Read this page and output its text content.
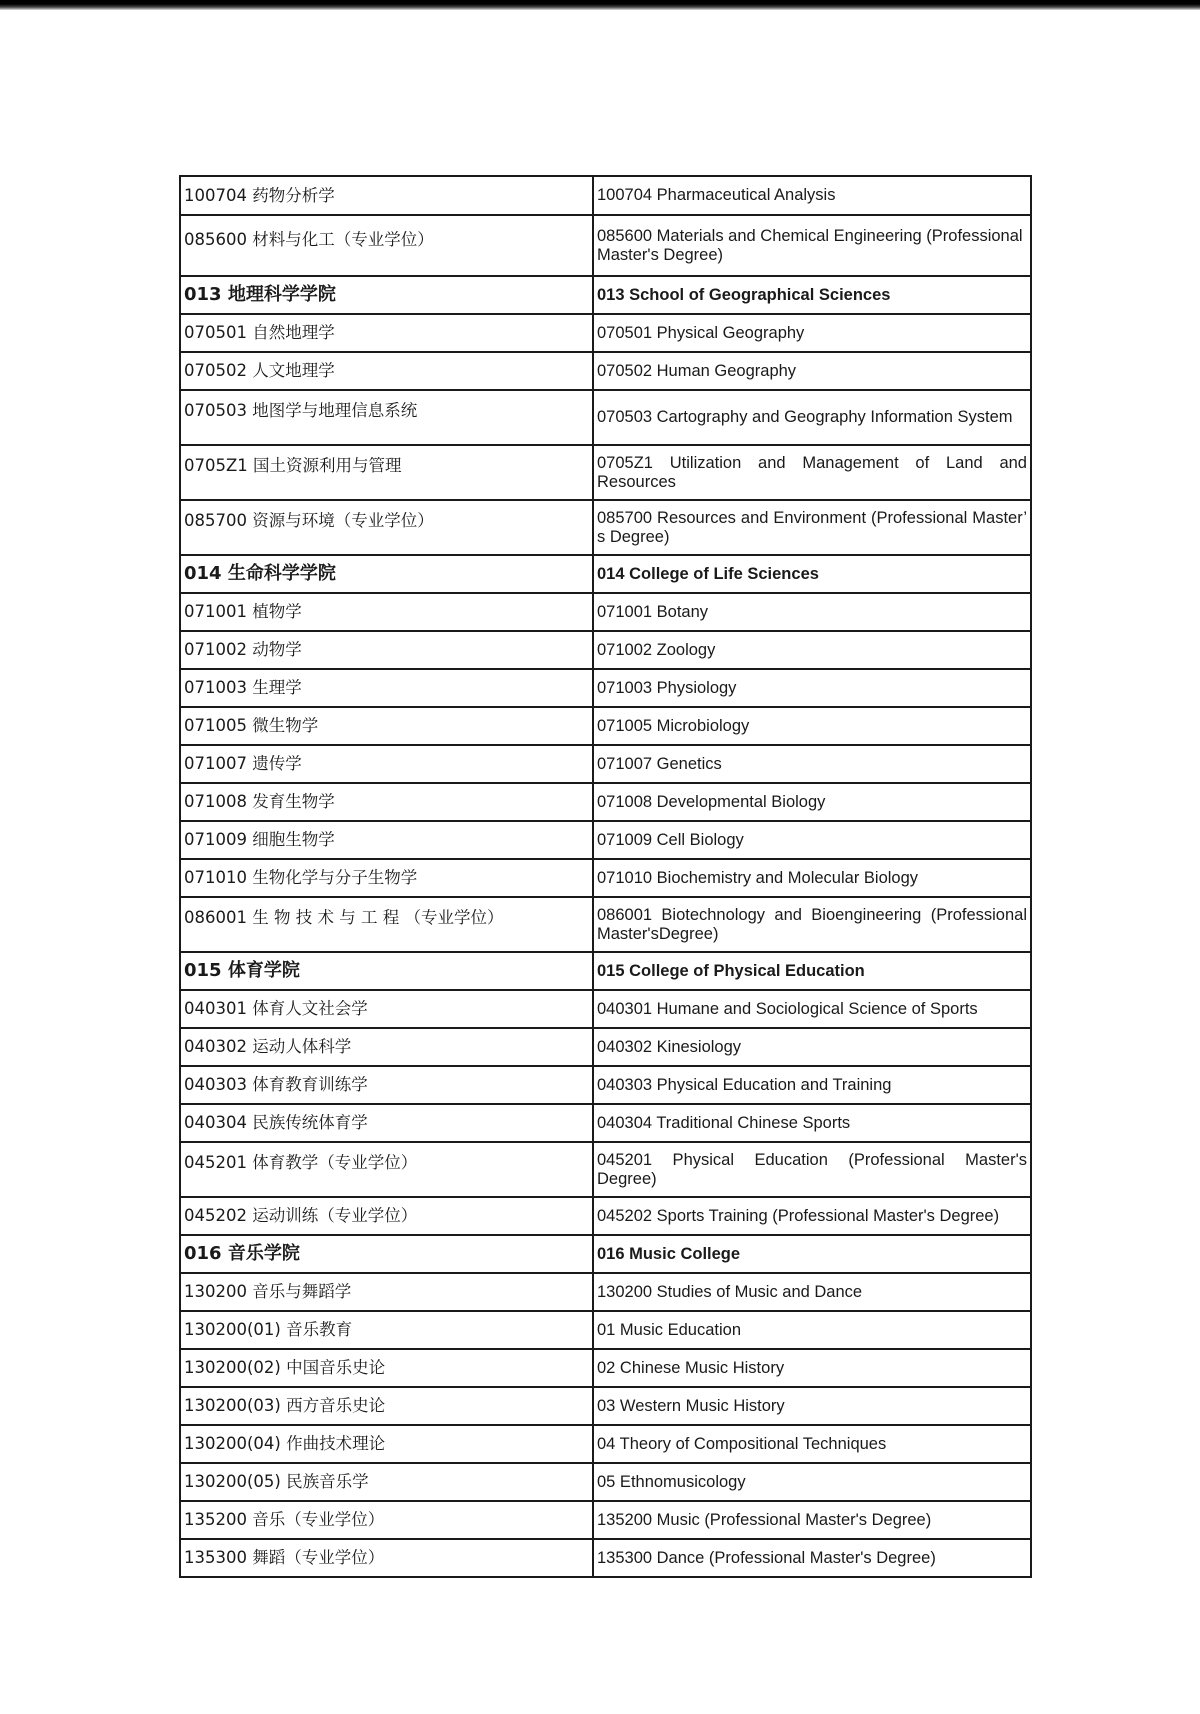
100704 药物分析学	100704 Pharmaceutical Analysis

085600 材料与化工（专业学位）	085600 Materials and Chemical Engineering (Professional Master's Degree)

013 地理科学学院	013 School of Geographical Sciences

070501 自然地理学	070501 Physical Geography

070502 人文地理学	070502 Human Geography

070503 地图学与地理信息系统	070503 Cartography and Geography Information System

0705Z1 国土资源利用与管理	0705Z1 Utilization and Management of Land and Resources

085700 资源与环境（专业学位）	085700 Resources and Environment (Professional Master’ s Degree)

014 生命科学学院	014 College of Life Sciences

071001 植物学	071001 Botany

071002 动物学	071002 Zoology

071003 生理学	071003 Physiology

071005 微生物学	071005 Microbiology

071007 遗传学	071007 Genetics

071008 发育生物学	071008 Developmental Biology

071009 细胞生物学	071009 Cell Biology

071010 生物化学与分子生物学	071010 Biochemistry and Molecular Biology

086001 生 物 技 术 与 工 程 （专业学位）	086001 Biotechnology and Bioengineering (Professional Master'sDegree)

015 体育学院	015 College of Physical Education

040301 体育人文社会学	040301 Humane and Sociological Science of Sports

040302 运动人体科学	040302 Kinesiology

040303 体育教育训练学	040303 Physical Education and Training

040304 民族传统体育学	040304 Traditional Chinese Sports

045201 体育教学（专业学位）	045201 Physical Education (Professional Master's Degree)

045202 运动训练（专业学位）	045202 Sports Training (Professional Master's Degree)

016 音乐学院	016 Music College

130200 音乐与舞蹈学	130200 Studies of Music and Dance

130200(01) 音乐教育	01 Music Education

130200(02) 中国音乐史论	02 Chinese Music History

130200(03) 西方音乐史论	03 Western Music History

130200(04) 作曲技术理论	04 Theory of Compositional Techniques

130200(05) 民族音乐学	05 Ethnomusicology

135200 音乐（专业学位）	135200 Music (Professional Master's Degree)

135300 舞蹈（专业学位）	135300 Dance (Professional Master's Degree)
